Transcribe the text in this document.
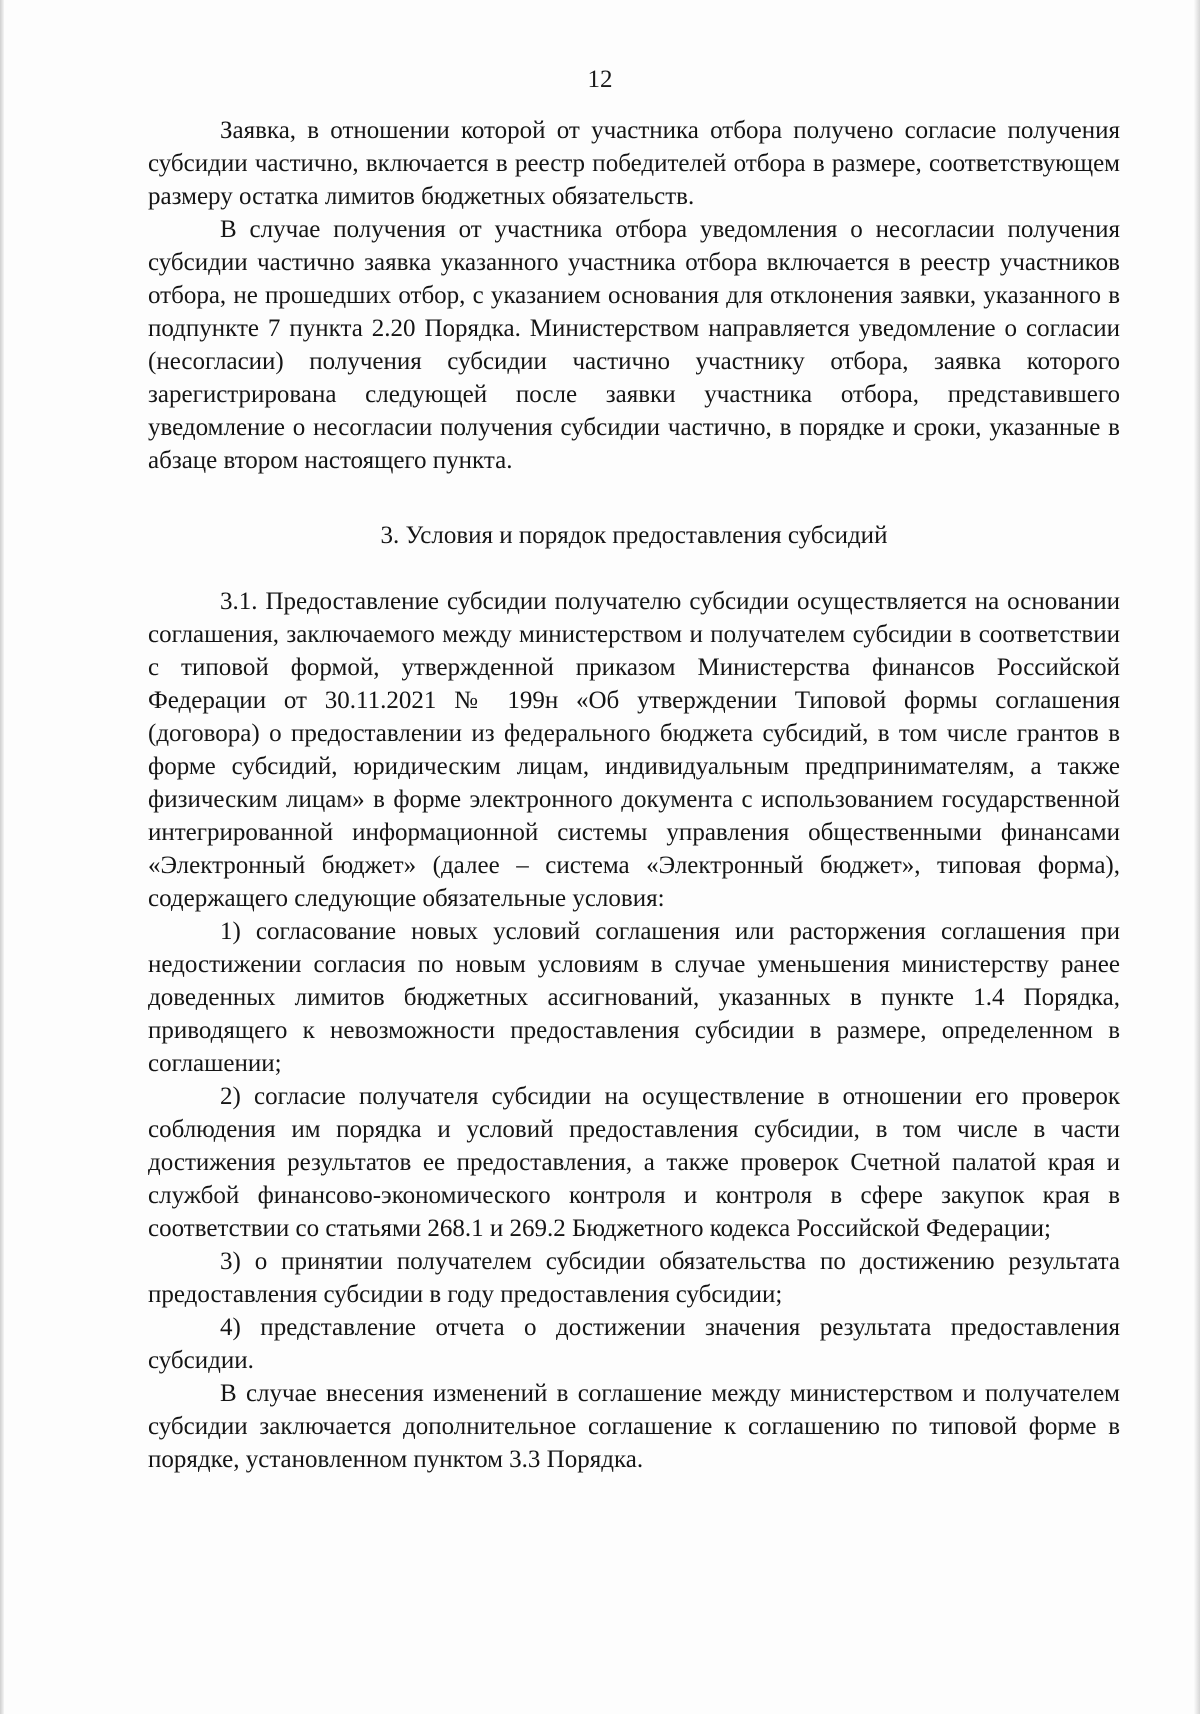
12

Заявка, в отношении которой от участника отбора получено согласие получения субсидии частично, включается в реестр победителей отбора в размере, соответствующем размеру остатка лимитов бюджетных обязательств.

В случае получения от участника отбора уведомления о несогласии получения субсидии частично заявка указанного участника отбора включается в реестр участников отбора, не прошедших отбор, с указанием основания для отклонения заявки, указанного в подпункте 7 пункта 2.20 Порядка. Министерством направляется уведомление о согласии (несогласии) получения субсидии частично участнику отбора, заявка которого зарегистрирована следующей после заявки участника отбора, представившего уведомление о несогласии получения субсидии частично, в порядке и сроки, указанные в абзаце втором настоящего пункта.

3. Условия и порядок предоставления субсидий

3.1. Предоставление субсидии получателю субсидии осуществляется на основании соглашения, заключаемого между министерством и получателем субсидии в соответствии с типовой формой, утвержденной приказом Министерства финансов Российской Федерации от 30.11.2021 № 199н «Об утверждении Типовой формы соглашения (договора) о предоставлении из федерального бюджета субсидий, в том числе грантов в форме субсидий, юридическим лицам, индивидуальным предпринимателям, а также физическим лицам» в форме электронного документа с использованием государственной интегрированной информационной системы управления общественными финансами «Электронный бюджет» (далее – система «Электронный бюджет», типовая форма), содержащего следующие обязательные условия:

1) согласование новых условий соглашения или расторжения соглашения при недостижении согласия по новым условиям в случае уменьшения министерству ранее доведенных лимитов бюджетных ассигнований, указанных в пункте 1.4 Порядка, приводящего к невозможности предоставления субсидии в размере, определенном в соглашении;

2) согласие получателя субсидии на осуществление в отношении его проверок соблюдения им порядка и условий предоставления субсидии, в том числе в части достижения результатов ее предоставления, а также проверок Счетной палатой края и службой финансово-экономического контроля и контроля в сфере закупок края в соответствии со статьями 268.1 и 269.2 Бюджетного кодекса Российской Федерации;

3) о принятии получателем субсидии обязательства по достижению результата предоставления субсидии в году предоставления субсидии;

4) представление отчета о достижении значения результата предоставления субсидии.

В случае внесения изменений в соглашение между министерством и получателем субсидии заключается дополнительное соглашение к соглашению по типовой форме в порядке, установленном пунктом 3.3 Порядка.
